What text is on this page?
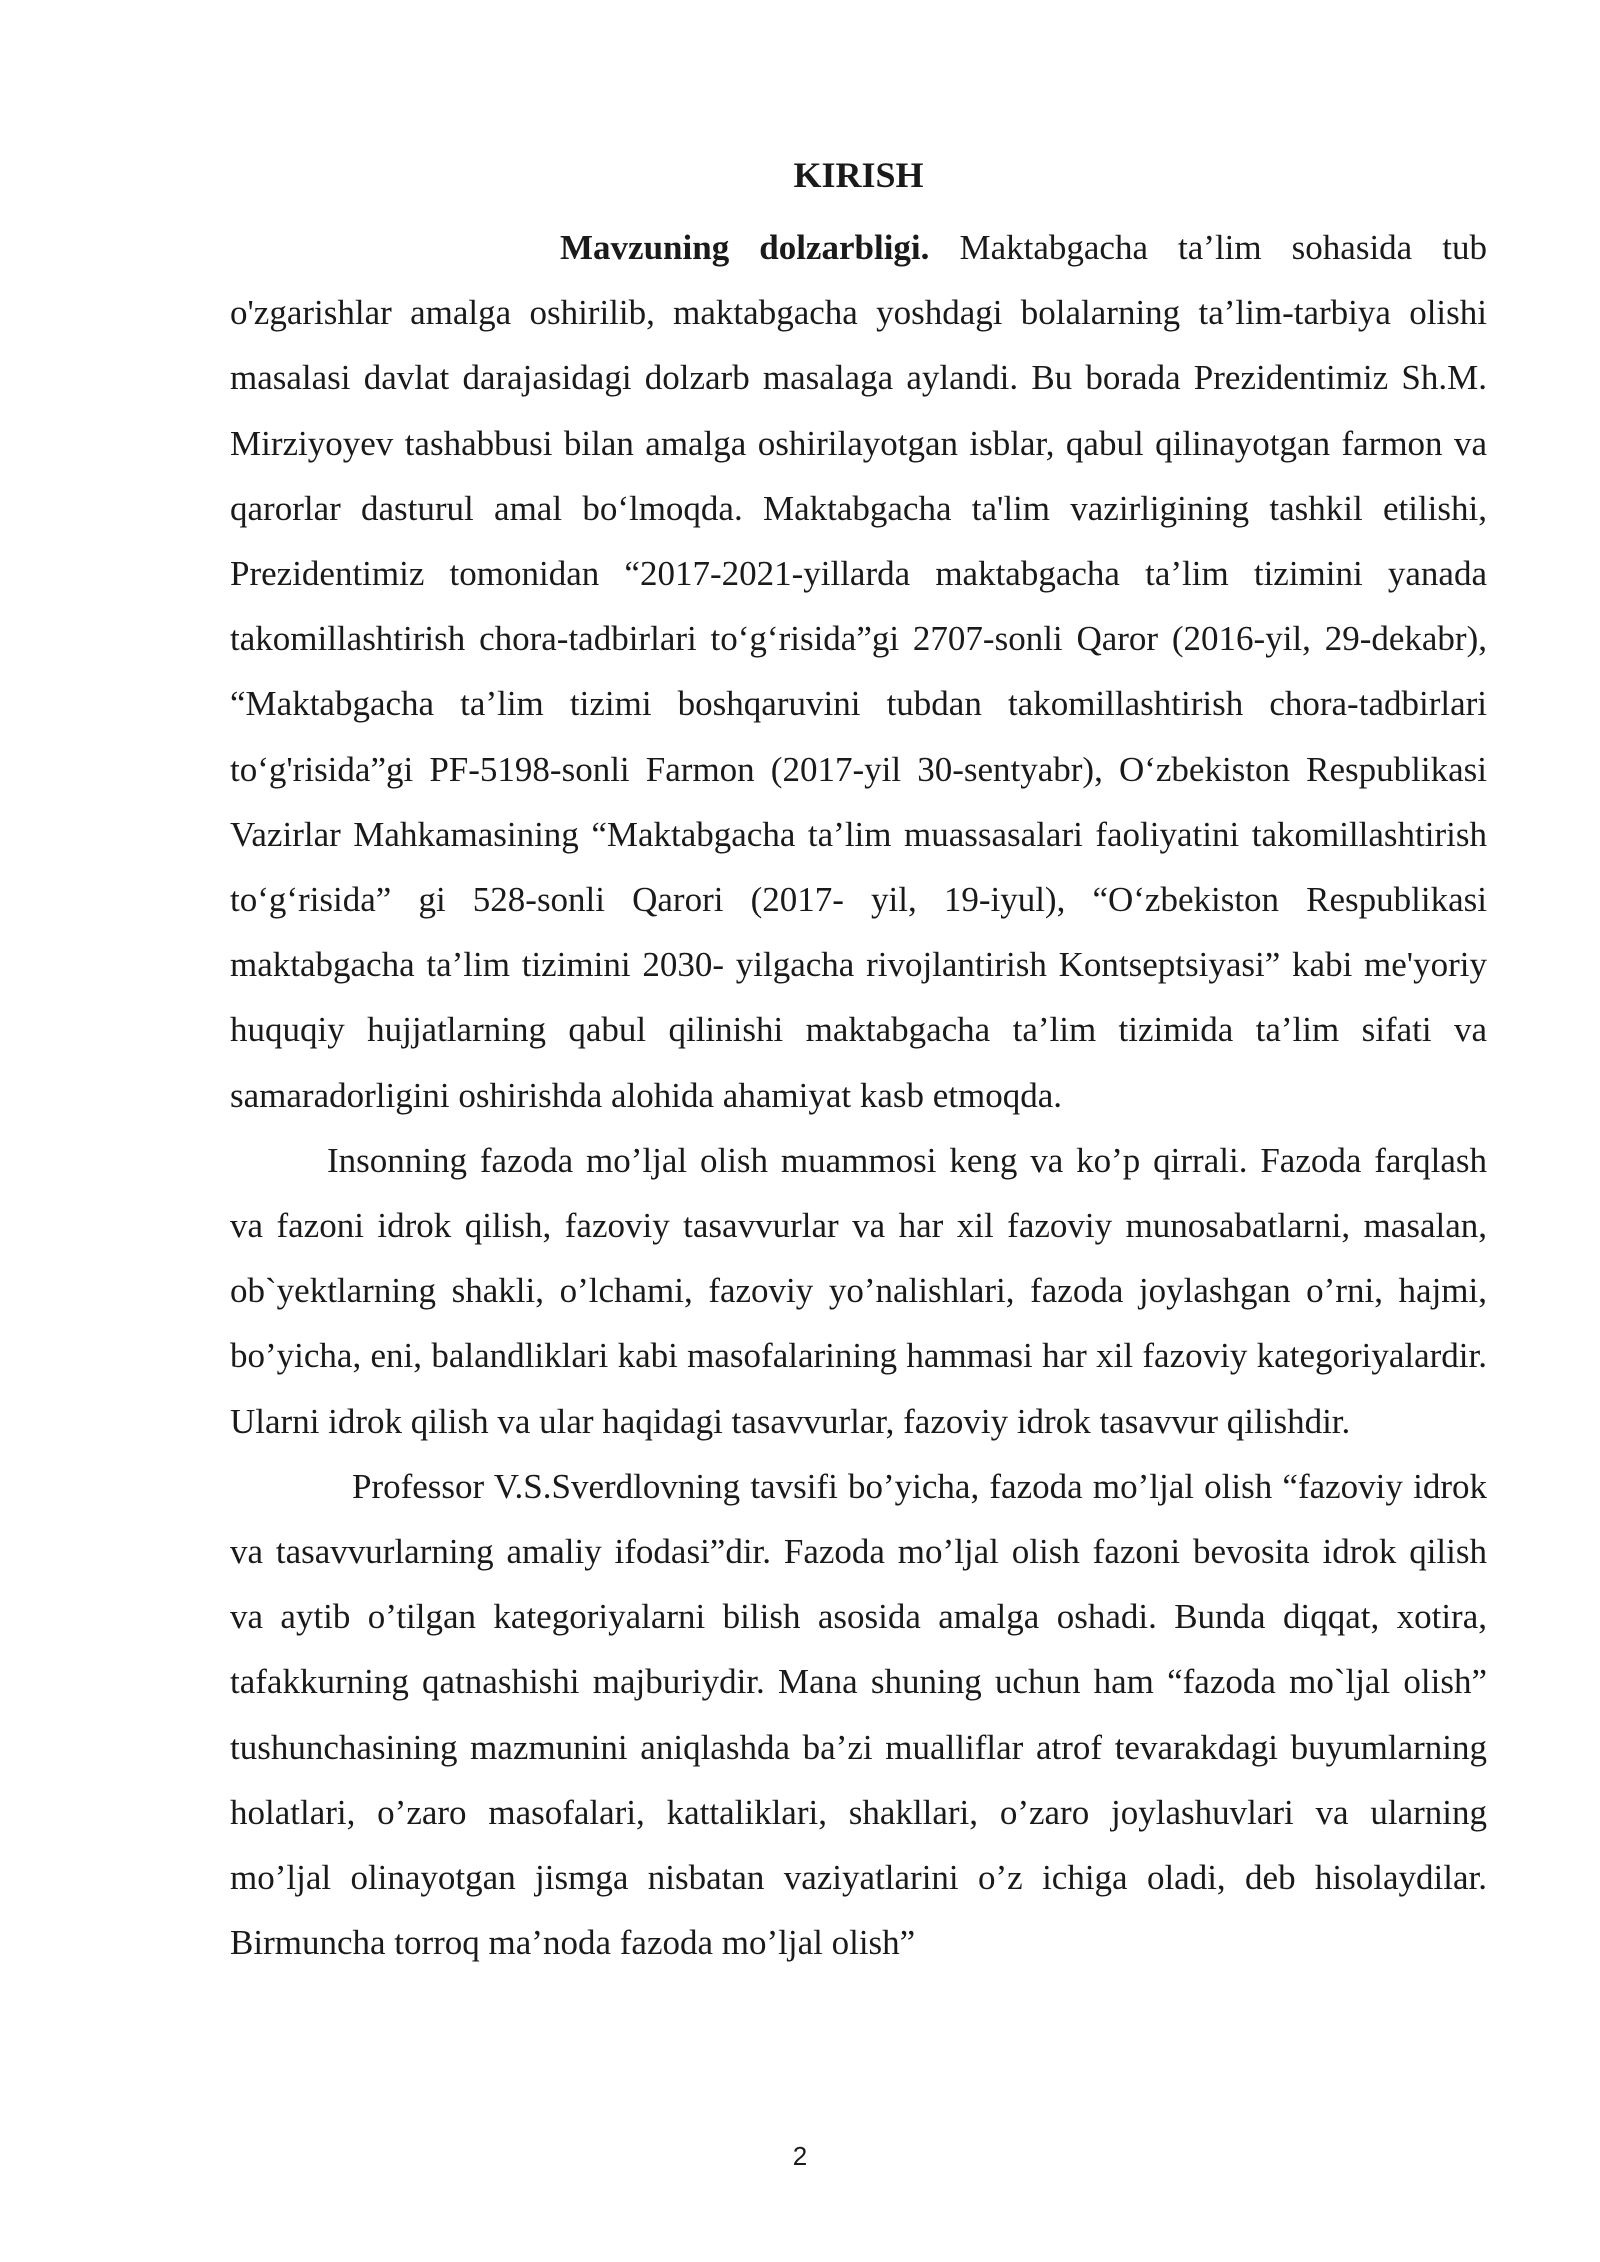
KIRISH

Mavzuning dolzarbligi. Maktabgacha ta’lim sohasida tub o'zgarishlar amalga oshirilib, maktabgacha yoshdagi bolalarning ta’lim-tarbiya olishi masalasi davlat darajasidagi dolzarb masalaga aylandi. Bu borada Prezidentimiz Sh.M. Mirziyoyev tashabbusi bilan amalga oshirilayotgan isblar, qabul qilinayotgan farmon va qarorlar dasturul amal bo‘lmoqda. Maktabgacha ta'lim vazirligining tashkil etilishi, Prezidentimiz tomonidan “2017-2021-yillarda maktabgacha ta’lim tizimini yanada takomillashtirish chora-tadbirlari to‘g‘risida”gi 2707-sonli Qaror (2016-yil, 29-dekabr), “Maktabgacha ta’lim tizimi boshqaruvini tubdan takomillashtirish chora-tadbirlari to‘g'risida”gi PF-5198-sonli Farmon (2017-yil 30-sentyabr), O‘zbekiston Respublikasi Vazirlar Mahkamasining “Maktabgacha ta’lim muassasalari faoliyatini takomillashtirish to‘g‘risida” gi 528-sonli Qarori (2017- yil, 19-iyul), “O‘zbekiston Respublikasi maktabgacha ta’lim tizimini 2030- yilgacha rivojlantirish Kontseptsiyasi” kabi me'yoriy huquqiy hujjatlarning qabul qilinishi maktabgacha ta’lim tizimida ta’lim sifati va samaradorligini oshirishda alohida ahamiyat kasb etmoqda.

Insonning fazoda mo’ljal olish muammosi keng va ko’p qirrali. Fazoda farqlash va fazoni idrok qilish, fazoviy tasavvurlar va har xil fazoviy munosabatlarni, masalan, ob`yektlarning shakli, o’lchami, fazoviy yo’nalishlari, fazoda joylashgan o’rni, hajmi, bo’yicha, eni, balandliklari kabi masofalarining hammasi har xil fazoviy kategoriyalardir. Ularni idrok qilish va ular haqidagi tasavvurlar, fazoviy idrok tasavvur qilishdir.

Professor V.S.Sverdlovning tavsifi bo’yicha, fazoda mo’ljal olish “fazoviy idrok va tasavvurlarning amaliy ifodasi”dir. Fazoda mo’ljal olish fazoni bevosita idrok qilish va aytib o’tilgan kategoriyalarni bilish asosida amalga oshadi. Bunda diqqat, xotira, tafakkurning qatnashishi majburiydir. Mana shuning uchun ham “fazoda mo`ljal olish” tushunchasining mazmunini aniqlashda ba’zi mualliflar atrof tevarakdagi buyumlarning holatlari, o’zaro masofalari, kattaliklari, shakllari, o’zaro joylashuvlari va ularning mo’ljal olinayotgan jismga nisbatan vaziyatlarini o’z ichiga oladi, deb hisolaydilar. Birmuncha torroq ma’noda fazoda mo’ljal olish”

2
